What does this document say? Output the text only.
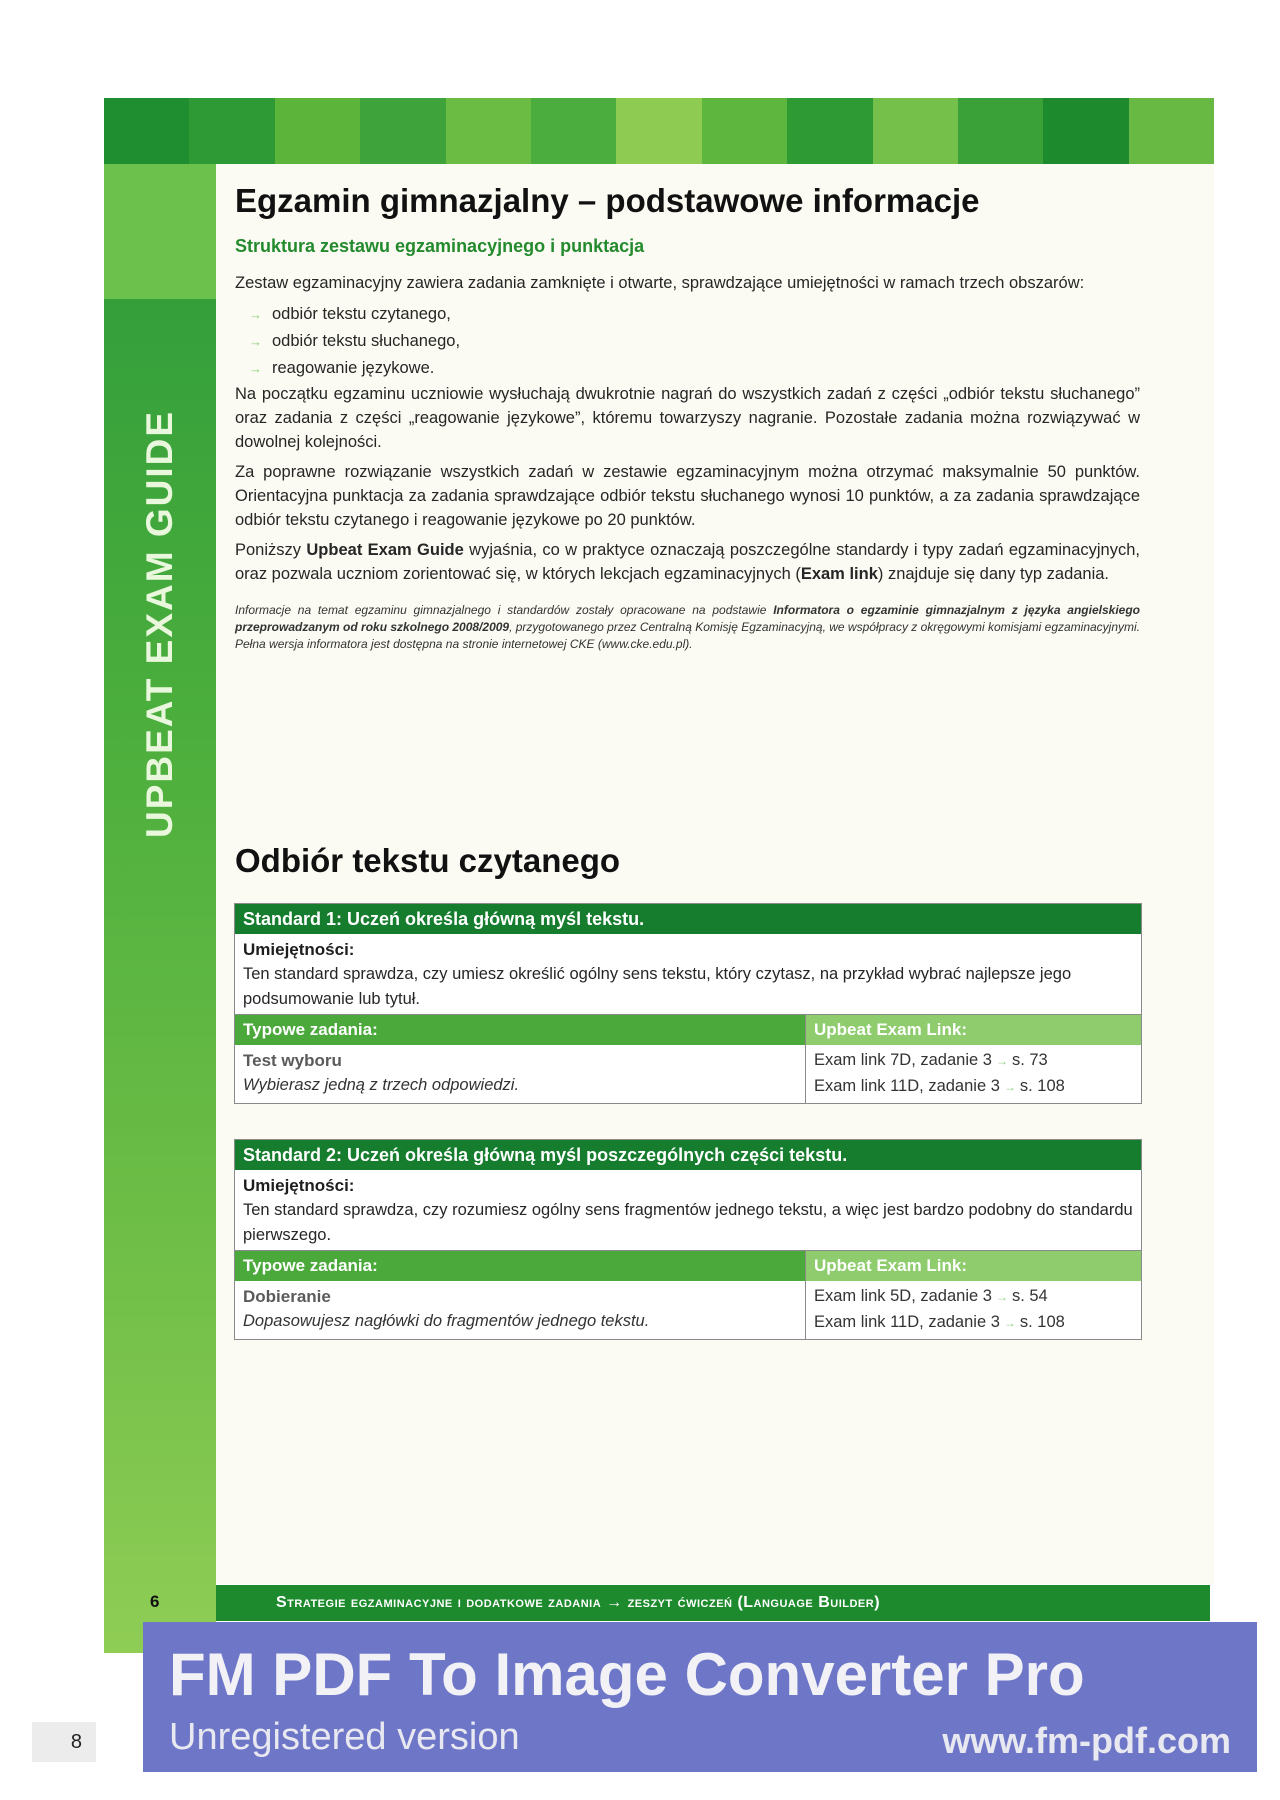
UPBEAT EXAM GUIDE
Egzamin gimnazjalny – podstawowe informacje
Struktura zestawu egzaminacyjnego i punktacja

Zestaw egzaminacyjny zawiera zadania zamknięte i otwarte, sprawdzające umiejętności w ramach trzech obszarów:

→ odbiór tekstu czytanego,
→ odbiór tekstu słuchanego,
→ reagowanie językowe.

Na początku egzaminu uczniowie wysłuchają dwukrotnie nagrań do wszystkich zadań z części „odbiór tekstu słuchanego” oraz zadania z części „reagowanie językowe”, któremu towarzyszy nagranie. Pozostałe zadania można rozwiązywać w dowolnej kolejności.

Za poprawne rozwiązanie wszystkich zadań w zestawie egzaminacyjnym można otrzymać maksymalnie 50 punktów. Orientacyjna punktacja za zadania sprawdzające odbiór tekstu słuchanego wynosi 10 punktów, a za zadania sprawdzające odbiór tekstu czytanego i reagowanie językowe po 20 punktów.

Poniższy Upbeat Exam Guide wyjaśnia, co w praktyce oznaczają poszczególne standardy i typy zadań egzaminacyjnych, oraz pozwala uczniom zorientować się, w których lekcjach egzaminacyjnych (Exam link) znajduje się dany typ zadania.

Informacje na temat egzaminu gimnazjalnego i standardów zostały opracowane na podstawie Informatora o egzaminie gimnazjalnym z języka angielskiego przeprowadzanym od roku szkolnego 2008/2009, przygotowanego przez Centralną Komisję Egzaminacyjną, we współpracy z okręgowymi komisjami egzaminacyjnymi. Pełna wersja informatora jest dostępna na stronie internetowej CKE (www.cke.edu.pl).
Odbiór tekstu czytanego
Standard 1: Uczeń określa główną myśl tekstu.
Umiejętności:
Ten standard sprawdza, czy umiesz określić ogólny sens tekstu, który czytasz, na przykład wybrać najlepsze jego podsumowanie lub tytuł.
Typowe zadania:
Test wyboru
Wybierasz jedną z trzech odpowiedzi.
Upbeat Exam Link:
Exam link 7D, zadanie 3 → s. 73
Exam link 11D, zadanie 3 → s. 108
Standard 2: Uczeń określa główną myśl poszczególnych części tekstu.
Umiejętności:
Ten standard sprawdza, czy rozumiesz ogólny sens fragmentów jednego tekstu, a więc jest bardzo podobny do standardu pierwszego.
Typowe zadania:
Dobieranie
Dopasowujesz nagłówki do fragmentów jednego tekstu.
Upbeat Exam Link:
Exam link 5D, zadanie 3 → s. 54
Exam link 11D, zadanie 3 → s. 108
6	Strategie egzaminacyjne i dodatkowe zadania → zeszyt ćwiczeń (Language Builder)
FM PDF To Image Converter Pro
Unregistered version	www.fm-pdf.com
8
